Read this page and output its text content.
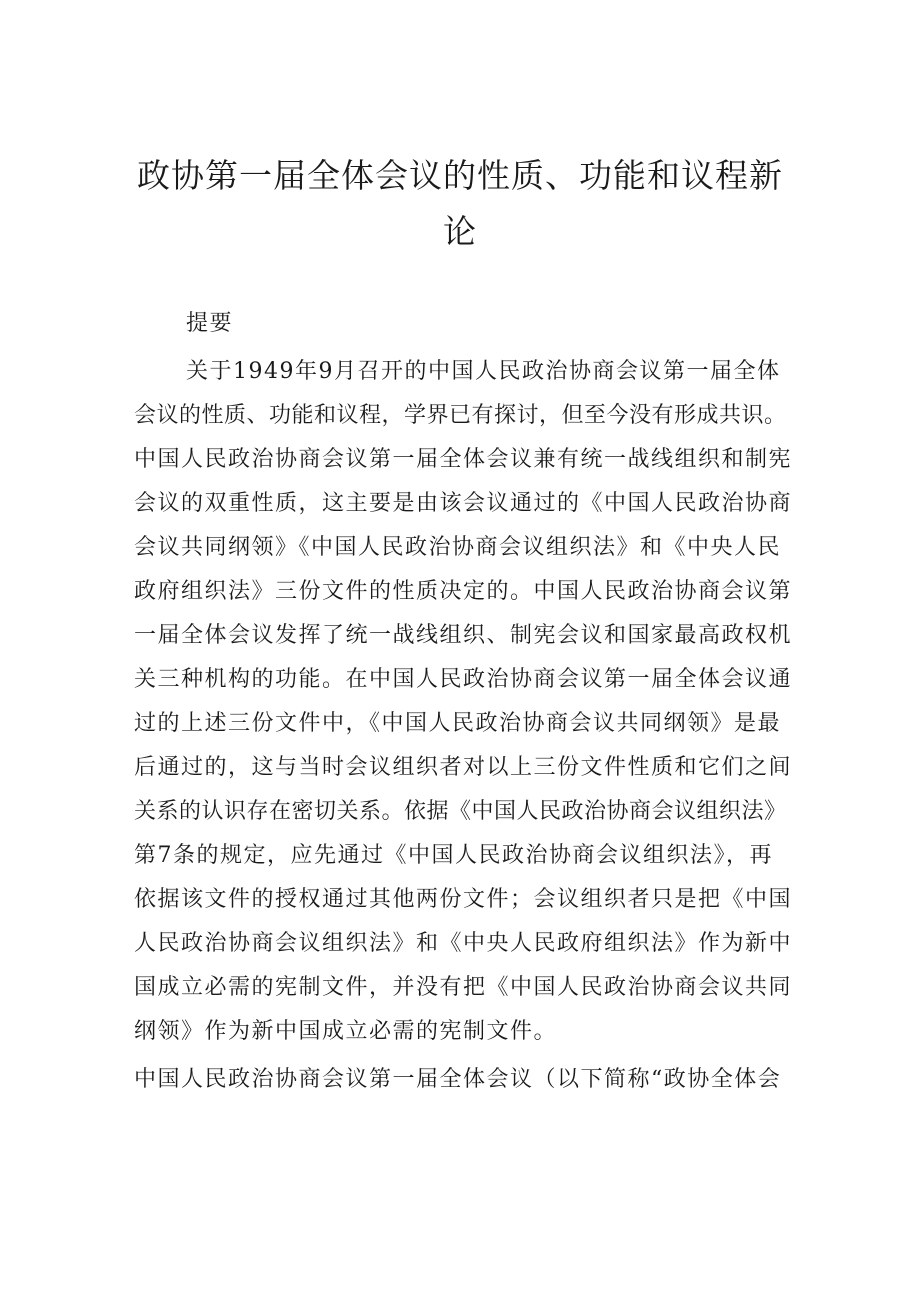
政协第一届全体会议的性质、功能和议程新
论
提要
关于1949年9月召开的中国人民政治协商会议第一届全体
会议的性质、功能和议程，学界已有探讨，但至今没有形成共识。
中国人民政治协商会议第一届全体会议兼有统一战线组织和制宪
会议的双重性质，这主要是由该会议通过的《中国人民政治协商
会议共同纲领》《中国人民政治协商会议组织法》和《中央人民
政府组织法》三份文件的性质决定的。中国人民政治协商会议第
一届全体会议发挥了统一战线组织、制宪会议和国家最高政权机
关三种机构的功能。在中国人民政治协商会议第一届全体会议通
过的上述三份文件中，《中国人民政治协商会议共同纲领》是最
后通过的，这与当时会议组织者对以上三份文件性质和它们之间
关系的认识存在密切关系。依据《中国人民政治协商会议组织法》
第7条的规定，应先通过《中国人民政治协商会议组织法》，再
依据该文件的授权通过其他两份文件；会议组织者只是把《中国
人民政治协商会议组织法》和《中央人民政府组织法》作为新中
国成立必需的宪制文件，并没有把《中国人民政治协商会议共同
纲领》作为新中国成立必需的宪制文件。
中国人民政治协商会议第一届全体会议（以下简称“政协全体会
